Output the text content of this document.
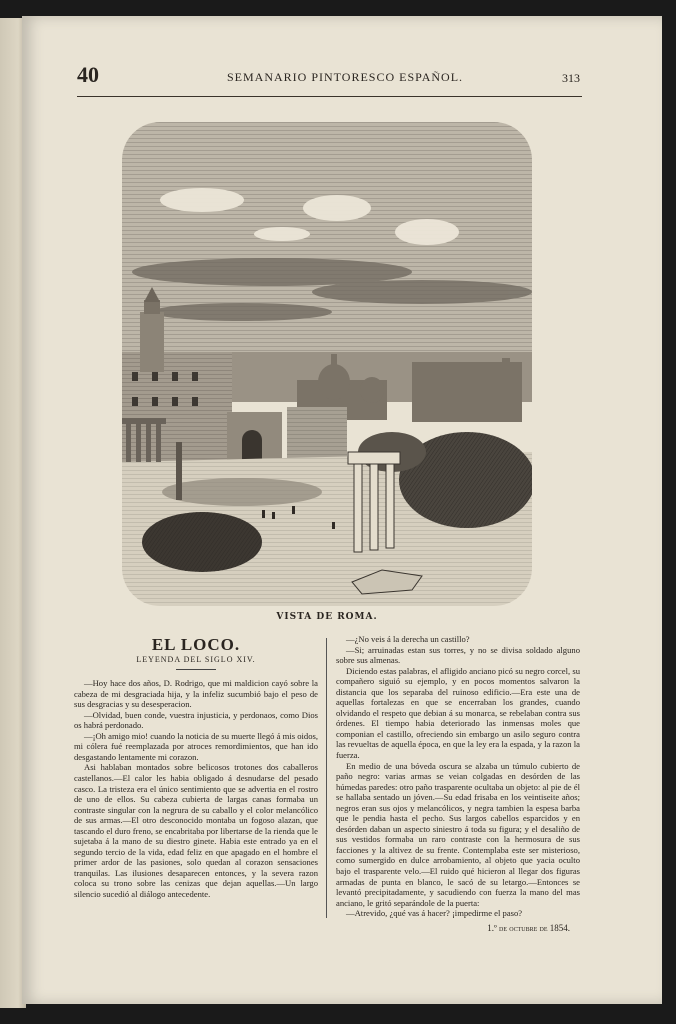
40	SEMANARIO PINTORESCO ESPAÑOL.	313
VISTA DE ROMA.
EL LOCO.
LEYENDA DEL SIGLO XIV.

—Hoy hace dos años, D. Rodrigo, que mi maldicion cayó sobre la cabeza de mi desgraciada hija, y la infeliz sucumbió bajo el peso de sus desgracias y su desesperacion.

—Olvidad, buen conde, vuestra injusticia, y perdonaos, como Dios os habrá perdonado.

—¡Oh amigo mio! cuando la noticia de su muerte llegó á mis oidos, mi cólera fué reemplazada por atroces remordimientos, que han ido desgastando lentamente mi corazon.

Asi hablaban montados sobre belicosos trotones dos caballeros castellanos.—El calor les habia obligado á desnudarse del pesado casco. La tristeza era el único sentimiento que se advertia en el rostro de uno de ellos. Su cabeza cubierta de largas canas formaba un contraste singular con la negrura de su caballo y el color melancólico de sus armas.—El otro desconocido montaba un fogoso alazan, que tascando el duro freno, se encabritaba por libertarse de la rienda que le sujetaba á la mano de su diestro ginete. Habia este entrado ya en el segundo tercio de la vida, edad feliz en que apagado en el hombre el primer ardor de las pasiones, solo quedan al corazon sensaciones tranquilas. Las ilusiones desaparecen entonces, y la severa razon coloca su trono sobre las cenizas que dejan aquellas.—Un largo silencio sucedió al diálogo antecedente.

—¿No veis á la derecha un castillo?

—Si; arruinadas estan sus torres, y no se divisa soldado alguno sobre sus almenas.

Diciendo estas palabras, el afligido anciano picó su negro corcel, su compañero siguió su ejemplo, y en pocos momentos salvaron la distancia que los separaba del ruinoso edificio.—Era este una de aquellas fortalezas en que se encerraban los grandes, cuando olvidando el respeto que debian á su monarca, se rebelaban contra sus órdenes. El tiempo habia deteriorado las inmensas moles que componian el castillo, ofreciendo sin embargo un asilo seguro contra las revueltas de aquella época, en que la ley era la espada, y la razon la fuerza.

En medio de una bóveda oscura se alzaba un túmulo cubierto de paño negro: varias armas se veian colgadas en desórden de las húmedas paredes: otro paño trasparente ocultaba un objeto: al pie de él se hallaba sentado un jóven.—Su edad frisaba en los veintiseite años; negros eran sus ojos y melancólicos, y negra tambien la espesa barba que le pendia hasta el pecho. Sus largos cabellos esparcidos y en desórden daban un aspecto siniestro á toda su figura; y el desaliño de sus vestidos formaba un raro contraste con la hermosura de sus facciones y la altivez de su frente. Contemplaba este ser misterioso, como sumergido en dulce arrobamiento, al objeto que yacia oculto bajo el trasparente velo.—El ruido qué hicieron al llegar dos figuras armadas de punta en blanco, le sacó de su letargo.—Entonces se levantó precipitadamente, y sacudiendo con fuerza la mano del mas anciano, le gritó separándole de la puerta:

—Atrevido, ¿qué vas á hacer? ¡impedirme el paso?

1.º de octubre de 1854.
